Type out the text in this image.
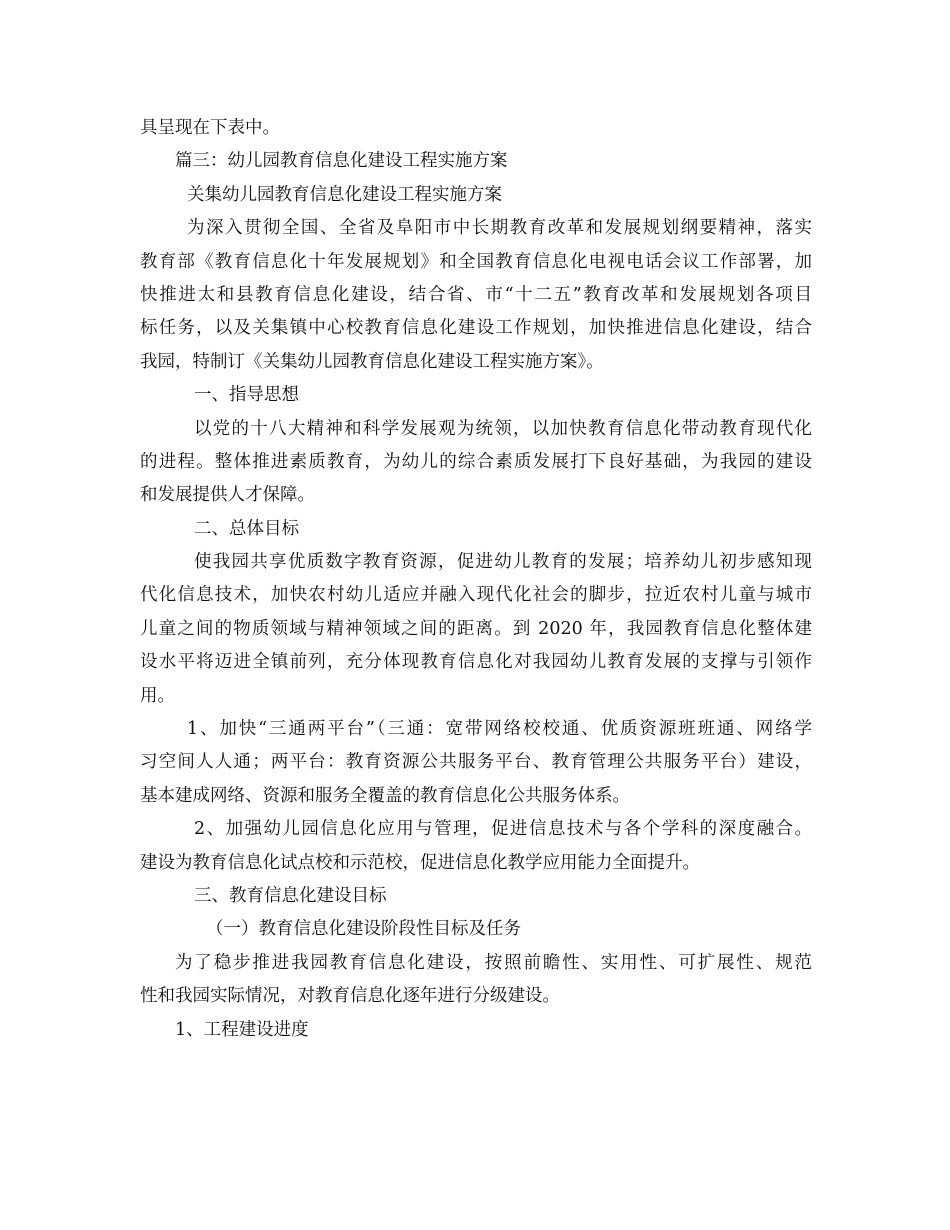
具呈现在下表中。
篇三：幼儿园教育信息化建设工程实施方案
关集幼儿园教育信息化建设工程实施方案
为深入贯彻全国、全省及阜阳市中长期教育改革和发展规划纲要精神，落实
教育部《教育信息化十年发展规划》和全国教育信息化电视电话会议工作部署，加
快推进太和县教育信息化建设，结合省、市“十二五”教育改革和发展规划各项目
标任务，以及关集镇中心校教育信息化建设工作规划，加快推进信息化建设，结合
我园，特制订《关集幼儿园教育信息化建设工程实施方案》。
一、指导思想
以党的十八大精神和科学发展观为统领，以加快教育信息化带动教育现代化
的进程。整体推进素质教育，为幼儿的综合素质发展打下良好基础，为我园的建设
和发展提供人才保障。
二、总体目标
使我园共享优质数字教育资源，促进幼儿教育的发展；培养幼儿初步感知现
代化信息技术，加快农村幼儿适应并融入现代化社会的脚步，拉近农村儿童与城市
儿童之间的物质领域与精神领域之间的距离。到 2020 年，我园教育信息化整体建
设水平将迈进全镇前列，充分体现教育信息化对我园幼儿教育发展的支撑与引领作
用。
1、加快“三通两平台”（三通：宽带网络校校通、优质资源班班通、网络学
习空间人人通；两平台：教育资源公共服务平台、教育管理公共服务平台）建设，
基本建成网络、资源和服务全覆盖的教育信息化公共服务体系。
2、加强幼儿园信息化应用与管理，促进信息技术与各个学科的深度融合。
建设为教育信息化试点校和示范校，促进信息化教学应用能力全面提升。
三、教育信息化建设目标
（一）教育信息化建设阶段性目标及任务
为了稳步推进我园教育信息化建设，按照前瞻性、实用性、可扩展性、规范
性和我园实际情况，对教育信息化逐年进行分级建设。
1、工程建设进度
